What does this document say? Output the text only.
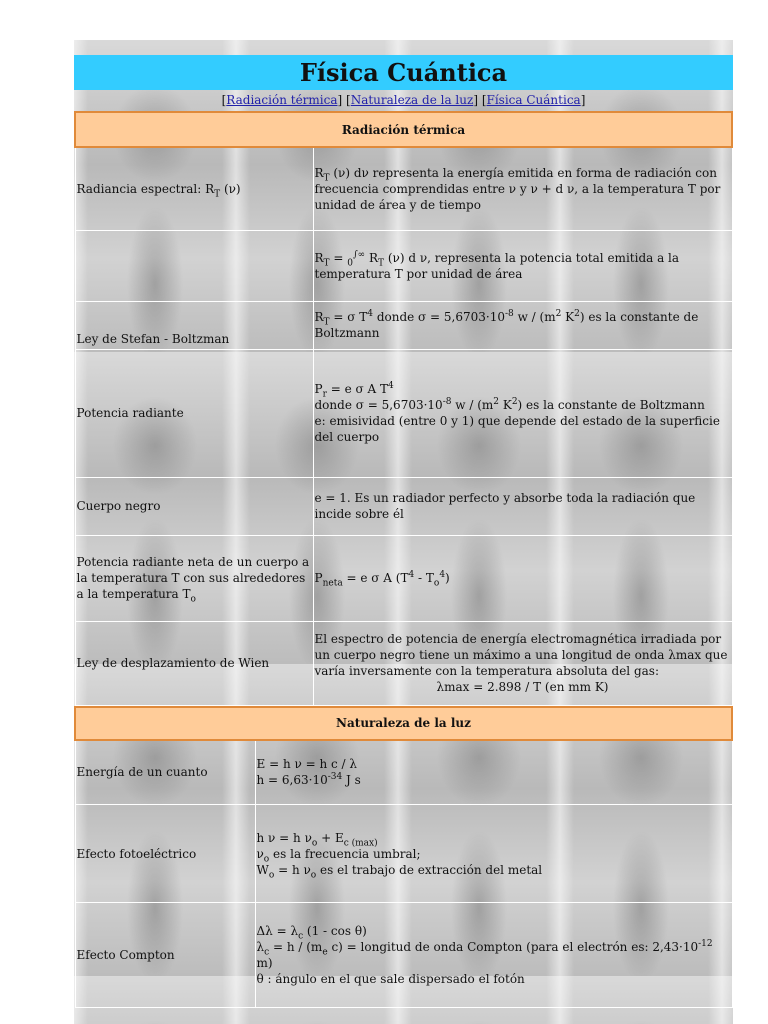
Física Cuántica
[Radiación térmica] [Naturaleza de la luz] [Física Cuántica]
Radiación térmica	
Radiancia espectral: $R_T$ (ν)	$R_T$ (ν) dν representa la energía emitida en forma de radiación con frecuencia comprendidas entre ν y ν + d ν, a la temperatura T por unidad de área y de tiempo
	$R_T = _0^{\int\infty}$ $R_T$ (ν) d ν, representa la potencia total emitida a la temperatura T por unidad de área
Ley de Stefan - Boltzman	$R_T = \sigma$ $T^4$ donde $\sigma = 5,6703\cdot 10^{-8}$ w / ($m^2$ $K^2$) es la constante de Boltzmann
Potencia radiante	$P_r = e$ σ A $T^4$
donde $\sigma = 5,6703\cdot 10^{-8}$ w / ($m^2$ $K^2$) es la constante de Boltzmann
e: emisividad (entre 0 y 1) que depende del estado de la superficie del cuerpo
Cuerpo negro	e = 1. Es un radiador perfecto y absorbe toda la radiación que incide sobre él
Potencia radiante neta de un cuerpo a la temperatura T con sus alrededores a la temperatura $T_o$	$P_{neta} = e$ σ A $(T^4 - T_o^4)$
Ley de desplazamiento de Wien	El espectro de potencia de energía electromagnética irradiada por un cuerpo negro tiene un máximo a una longitud de onda λmax que varía inversamente con la temperatura absoluta del gas:
λmax = 2.898 / T (en mm K)
Naturaleza de la luz	
Energía de un cuanto	E = h ν = h c / λ
$h = 6,63\cdot 10^{-34}$ J s
Efecto fotoeléctrico	h ν = h $\nu_o + E_{c (max)}$
$\nu_o$ es la frecuencia umbral;
$W_o = h$ $\nu_o$ es el trabajo de extracción del metal
Efecto Compton	$\Delta\lambda = \lambda_c$ (1 - cos θ)
$\lambda_c = h / (m_e$ c) = longitud de onda Compton (para el electrón es: $2,43\cdot 10^{-12}$ m)
θ : ángulo en el que sale dispersado el fotón
